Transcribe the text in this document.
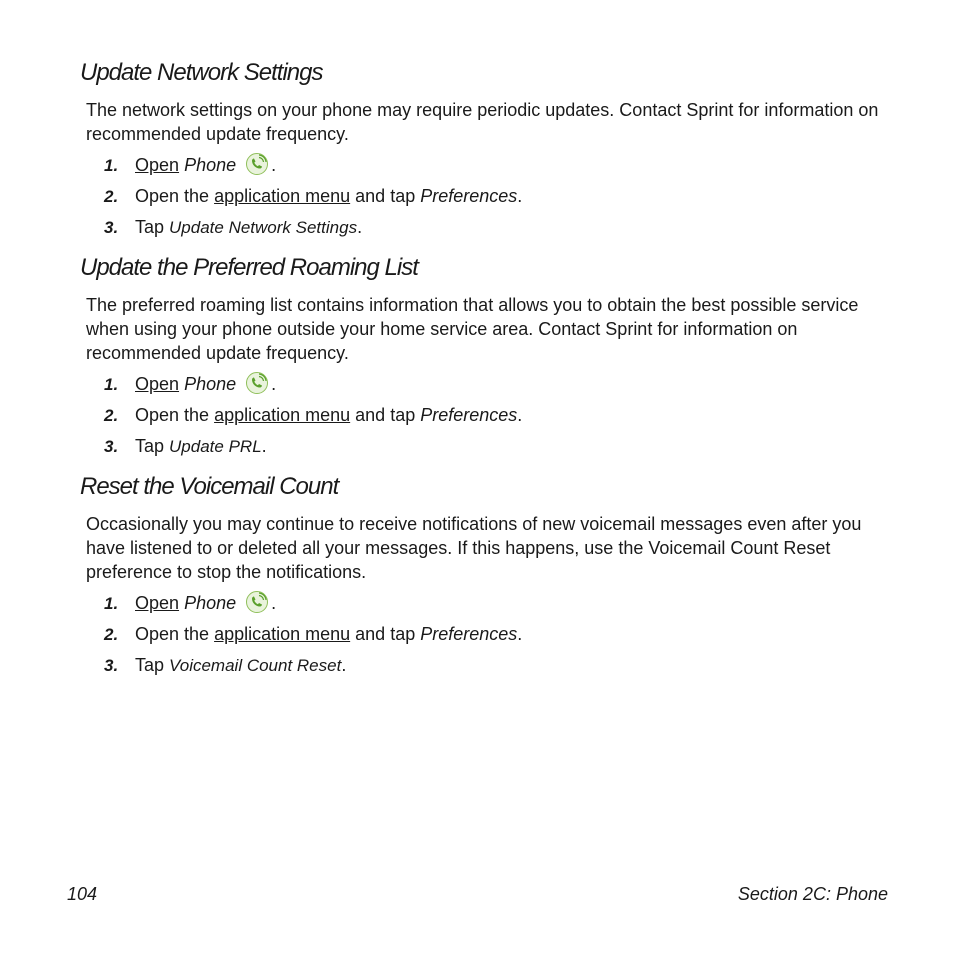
Update Network Settings

The network settings on your phone may require periodic updates. Contact Sprint for information on recommended update frequency.

1. Open Phone .
2. Open the application menu and tap Preferences.
3. Tap Update Network Settings.
Update the Preferred Roaming List

The preferred roaming list contains information that allows you to obtain the best possible service when using your phone outside your home service area. Contact Sprint for information on recommended update frequency.

1. Open Phone .
2. Open the application menu and tap Preferences.
3. Tap Update PRL.
Reset the Voicemail Count

Occasionally you may continue to receive notifications of new voicemail messages even after you have listened to or deleted all your messages. If this happens, use the Voicemail Count Reset preference to stop the notifications.

1. Open Phone .
2. Open the application menu and tap Preferences.
3. Tap Voicemail Count Reset.
104	Section 2C: Phone
